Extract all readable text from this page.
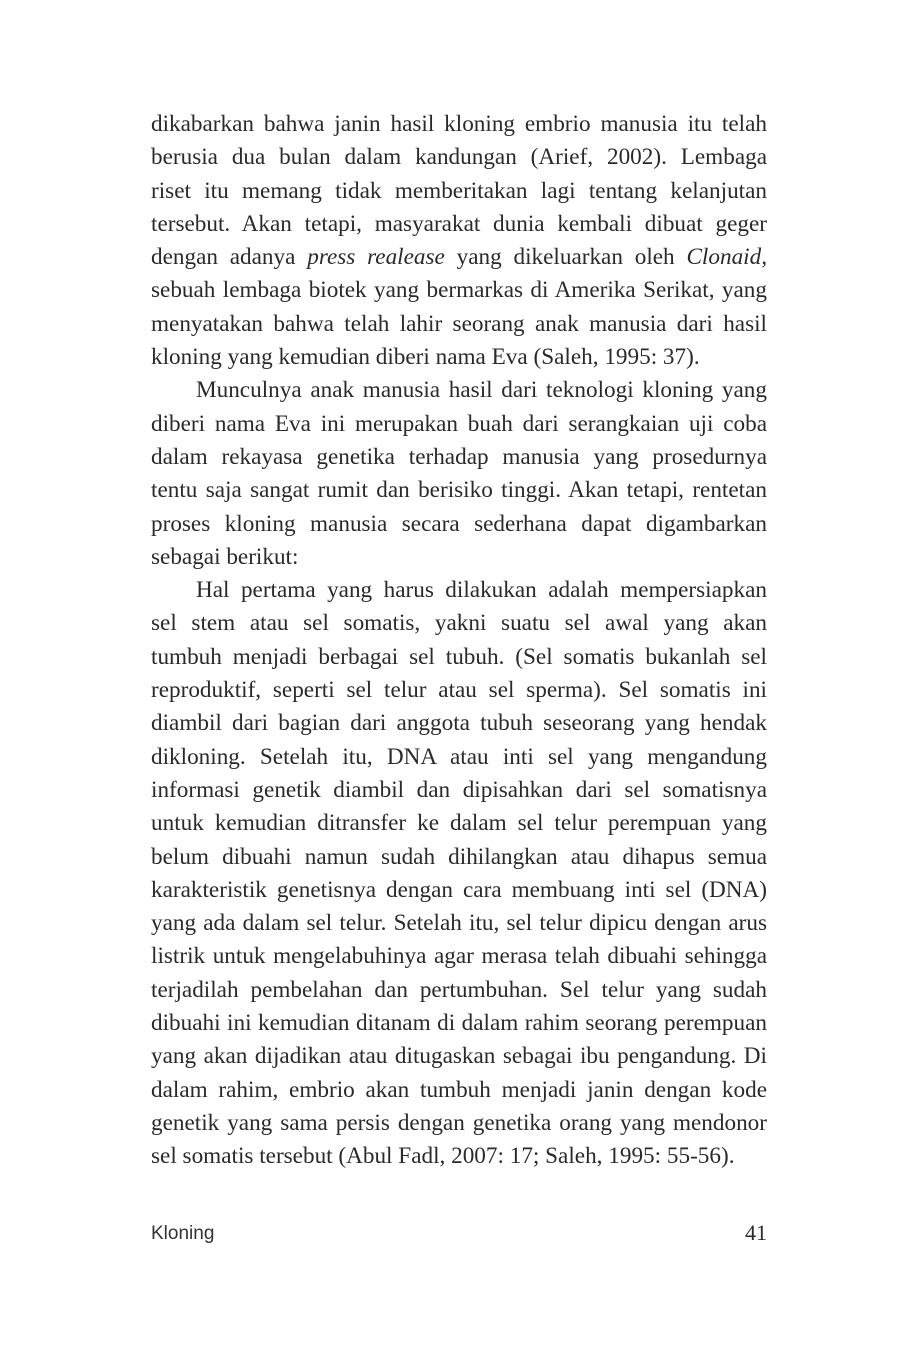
dikabarkan bahwa janin hasil kloning embrio manusia itu telah
berusia dua bulan dalam kandungan (Arief, 2002). Lembaga
riset itu memang tidak memberitakan lagi tentang kelanjutan
tersebut. Akan tetapi, masyarakat dunia kembali dibuat geger
dengan adanya press realease yang dikeluarkan oleh Clonaid,
sebuah lembaga biotek yang bermarkas di Amerika Serikat, yang
menyatakan bahwa telah lahir seorang anak manusia dari hasil
kloning yang kemudian diberi nama Eva (Saleh, 1995: 37).

Munculnya anak manusia hasil dari teknologi kloning yang
diberi nama Eva ini merupakan buah dari serangkaian uji coba
dalam rekayasa genetika terhadap manusia yang prosedurnya
tentu saja sangat rumit dan berisiko tinggi. Akan tetapi, rentetan
proses kloning manusia secara sederhana dapat digambarkan
sebagai berikut:

Hal pertama yang harus dilakukan adalah mempersiapkan
sel stem atau sel somatis, yakni suatu sel awal yang akan
tumbuh menjadi berbagai sel tubuh. (Sel somatis bukanlah sel
reproduktif, seperti sel telur atau sel sperma). Sel somatis ini
diambil dari bagian dari anggota tubuh seseorang yang hendak
dikloning. Setelah itu, DNA atau inti sel yang mengandung
informasi genetik diambil dan dipisahkan dari sel somatisnya
untuk kemudian ditransfer ke dalam sel telur perempuan yang
belum dibuahi namun sudah dihilangkan atau dihapus semua
karakteristik genetisnya dengan cara membuang inti sel (DNA)
yang ada dalam sel telur. Setelah itu, sel telur dipicu dengan arus
listrik untuk mengelabuhinya agar merasa telah dibuahi sehingga
terjadilah pembelahan dan pertumbuhan. Sel telur yang sudah
dibuahi ini kemudian ditanam di dalam rahim seorang perempuan
yang akan dijadikan atau ditugaskan sebagai ibu pengandung. Di
dalam rahim, embrio akan tumbuh menjadi janin dengan kode
genetik yang sama persis dengan genetika orang yang mendonor
sel somatis tersebut (Abul Fadl, 2007: 17; Saleh, 1995: 55-56).

Kloning	41
